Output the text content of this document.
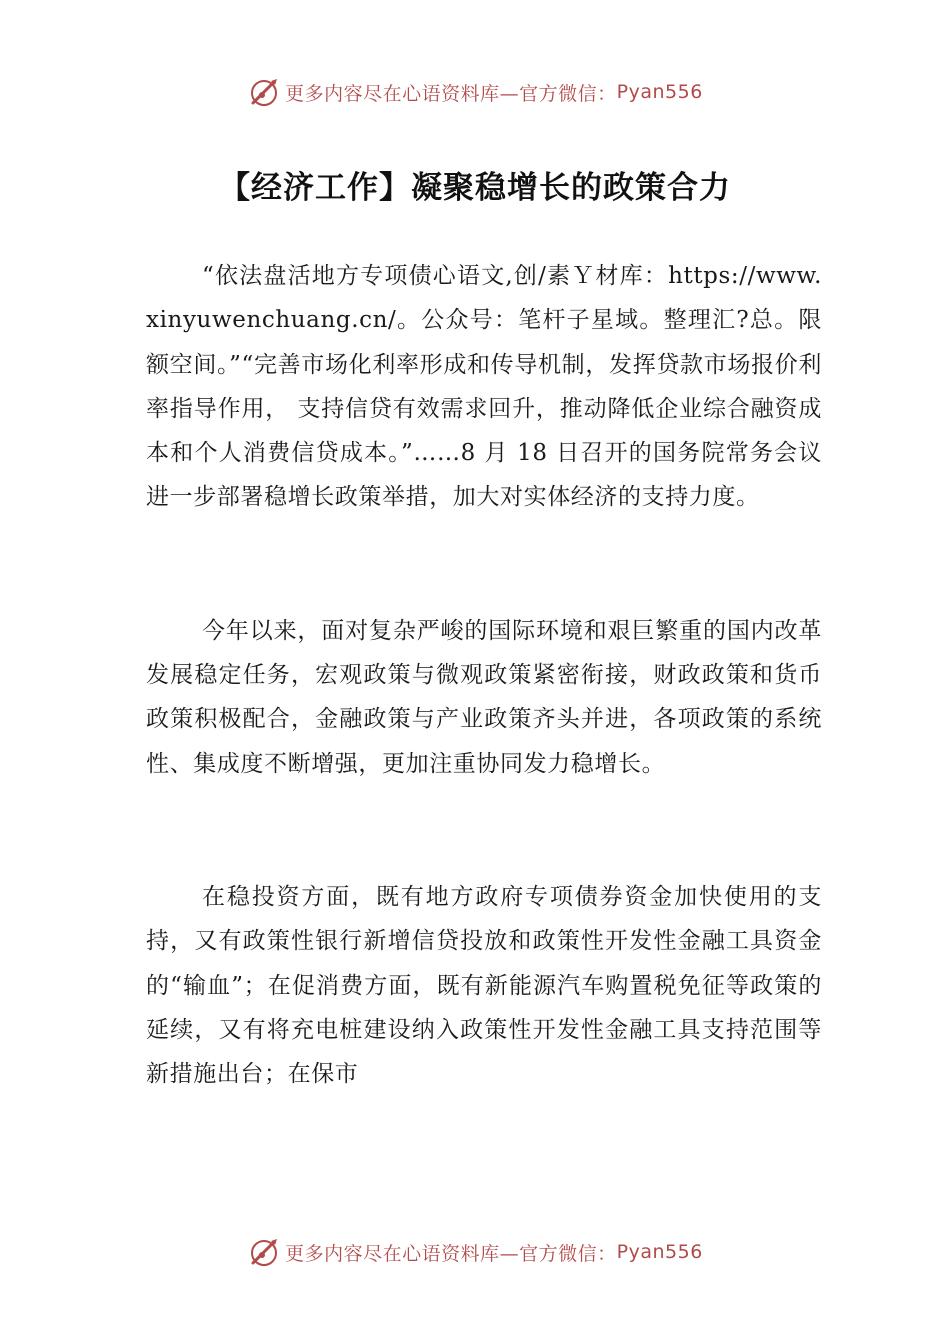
更多内容尽在心语资料库—官方微信： Pyan556
【经济工作】凝聚稳增长的政策合力

“依法盘活地方专项债心语文,创/素Ｙ材库：https://www.xinyuwenchuang.cn/。公众号：笔杆子星域。整理汇?总。限额空间。”“完善市场化利率形成和传导机制，发挥贷款市场报价利率指导作用， 支持信贷有效需求回升，推动降低企业综合融资成本和个人消费信贷成本。”……8 月 18 日召开的国务院常务会议进一步部署稳增长政策举措，加大对实体经济的支持力度。

今年以来，面对复杂严峻的国际环境和艰巨繁重的国内改革发展稳定任务，宏观政策与微观政策紧密衔接，财政政策和货币政策积极配合，金融政策与产业政策齐头并进，各项政策的系统性、集成度不断增强，更加注重协同发力稳增长。

在稳投资方面，既有地方政府专项债券资金加快使用的支持，又有政策性银行新增信贷投放和政策性开发性金融工具资金的“输血”；在促消费方面，既有新能源汽车购置税免征等政策的延续，又有将充电桩建设纳入政策性开发性金融工具支持范围等新措施出台；在保市

更多内容尽在心语资料库—官方微信： Pyan556
